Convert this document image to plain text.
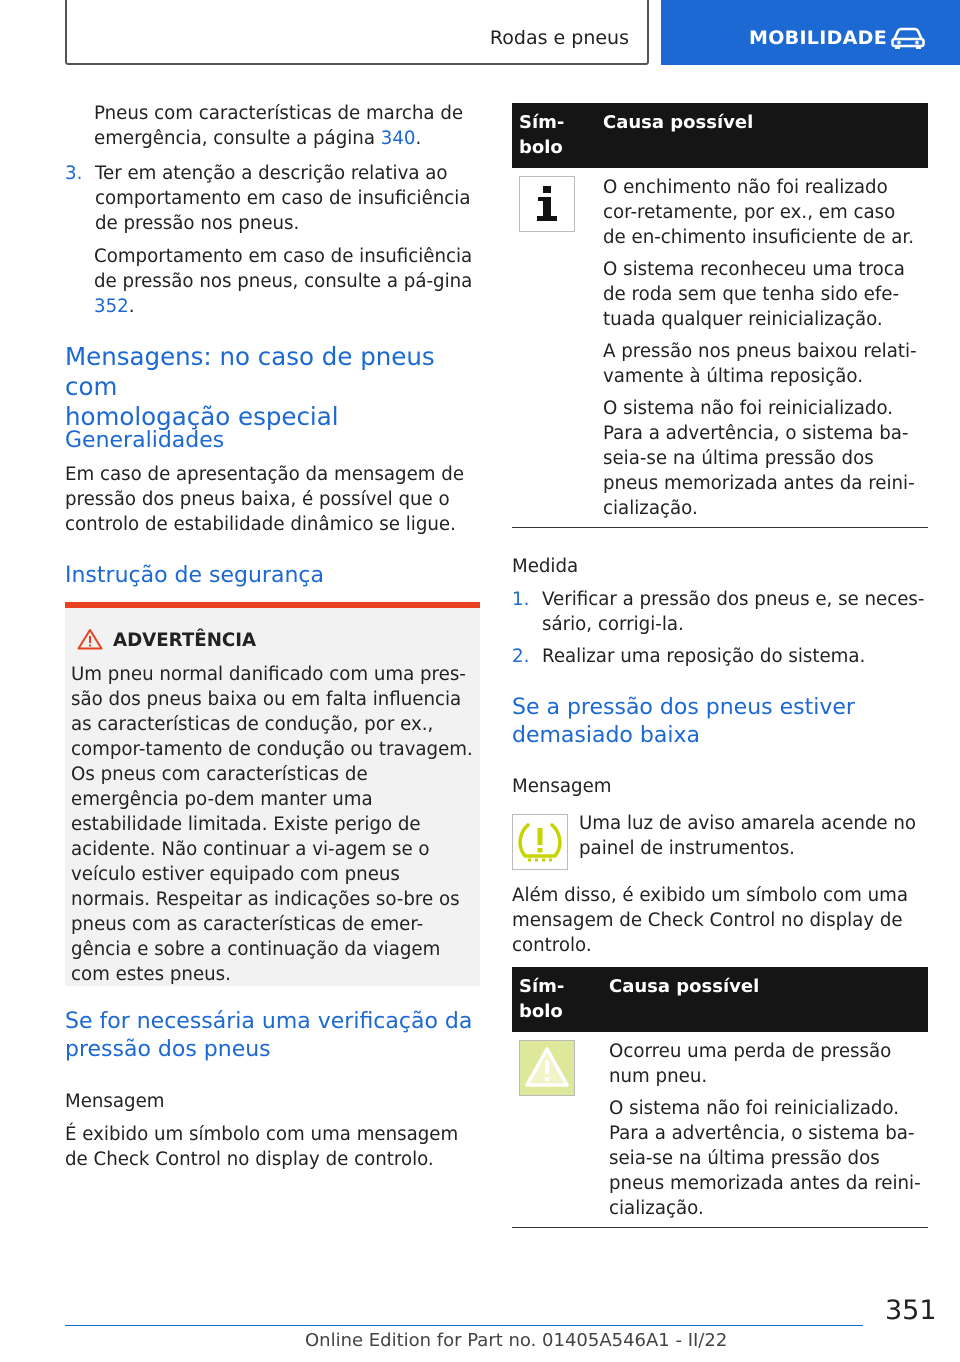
Rodas e pneus	MOBILIDADE

Pneus com características de marcha de emergência, consulte a página 340.

3. Ter em atenção a descrição relativa ao comportamento em caso de insuficiência de pressão nos pneus.

Comportamento em caso de insuficiência de pressão nos pneus, consulte a pá-gina 352.

Mensagens: no caso de pneus com
homologação especial
Generalidades

Em caso de apresentação da mensagem de pressão dos pneus baixa, é possível que o controlo de estabilidade dinâmico se ligue.

Instrução de segurança
ADVERTÊNCIA

Um pneu normal danificado com uma pres-são dos pneus baixa ou em falta influencia as características de condução, por ex., compor-tamento de condução ou travagem. Os pneus com características de emergência po-dem manter uma estabilidade limitada. Existe perigo de acidente. Não continuar a vi-agem se o veículo estiver equipado com pneus normais. Respeitar as indicações so-bre os pneus com as características de emer-gência e sobre a continuação da viagem com estes pneus.

Se for necessária uma verificação da
pressão dos pneus
Mensagem

É exibido um símbolo com uma mensagem de Check Control no display de controlo.

Sím-bolo
Causa possível

O enchimento não foi realizado cor-retamente, por ex., em caso de en-chimento insuficiente de ar.

O sistema reconheceu uma troca de roda sem que tenha sido efe-tuada qualquer reinicialização.

A pressão nos pneus baixou relati-vamente à última reposição.

O sistema não foi reinicializado. Para a advertência, o sistema ba-seia-se na última pressão dos pneus memorizada antes da reini-cialização.

Medida
1. Verificar a pressão dos pneus e, se neces-sário, corrigi-la.
2. Realizar uma reposição do sistema.
Se a pressão dos pneus estiver
demasiado baixa
Mensagem

Uma luz de aviso amarela acende no painel de instrumentos.

Além disso, é exibido um símbolo com uma mensagem de Check Control no display de controlo.

Sím-bolo
Causa possível

Ocorreu uma perda de pressão num pneu.

O sistema não foi reinicializado. Para a advertência, o sistema ba-seia-se na última pressão dos pneus memorizada antes da reini-cialização.

351
Online Edition for Part no. 01405A546A1 - II/22
